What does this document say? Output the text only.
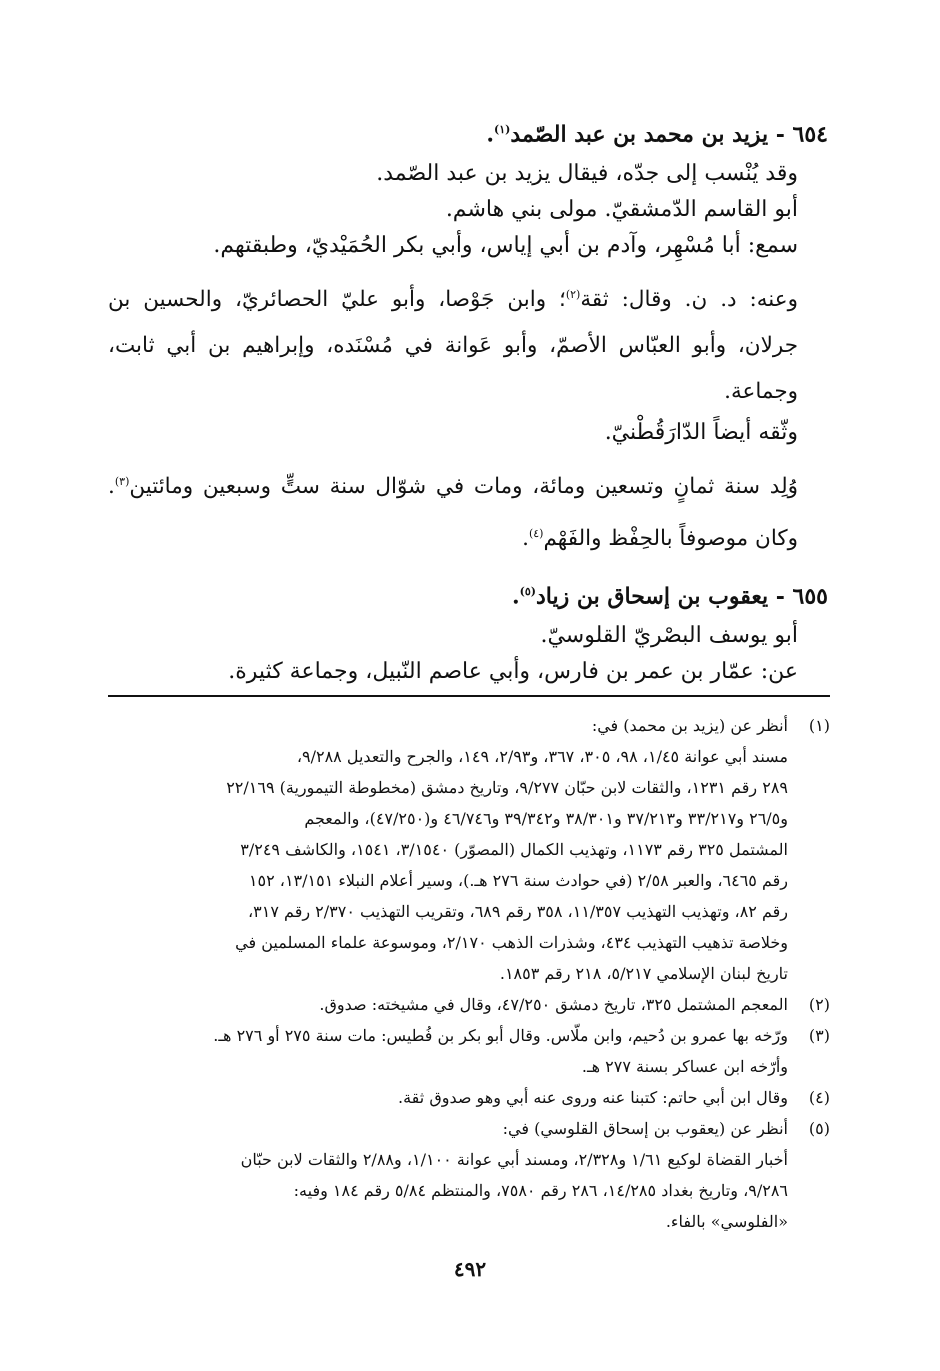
٦٥٤ - يزيد بن محمد بن عبد الصّمد$^{(١)}$.

وقد يُنْسب إلى جدّه، فيقال يزيد بن عبد الصّمد.

أبو القاسم الدّمشقيّ. مولى بني هاشم.

سمع: أبا مُسْهِر، وآدم بن أبي إياس، وأبي بكر الحُمَيْديّ، وطبقتهم.

وعنه: د. ن. وقال: ثقة$^{(٢)}$؛ وابن جَوْصا، وأبو عليّ الحصائريّ، والحسين بن جرلان، وأبو العبّاس الأصمّ، وأبو عَوانة في مُسْنَده، وإبراهيم بن أبي ثابت، وجماعة.

وثّقه أيضاً الدّارَقُطْنيّ.

وُلِد سنة ثمانٍ وتسعين ومائة، ومات في شوّال سنة ستٍّ وسبعين ومائتين$^{(٣)}$. وكان موصوفاً بالحِفْظ والفَهْم$^{(٤)}$.

٦٥٥ - يعقوب بن إسحاق بن زياد$^{(٥)}$.

أبو يوسف البصْريّ القلوسيّ.

عن: عمّار بن عمر بن فارس، وأبي عاصم النّبيل، وجماعة كثيرة.

(١)
أنظر عن (يزيد بن محمد) في:
مسند أبي عوانة ١/٤٥، ٩٨، ٣٠٥، ٣٦٧، و٢/٩٣، ١٤٩، والجرح والتعديل ٩/٢٨٨،
٢٨٩ رقم ١٢٣١، والثقات لابن حبّان ٩/٢٧٧، وتاريخ دمشق (مخطوطة التيمورية) ٢٢/١٦٩
و٢٦/٥ و٣٣/٢١٧ و٣٧/٢١٣ و٣٨/٣٠١ و٣٩/٣٤٢ و٤٦/٧٤٦ و(٤٧/٢٥٠)، والمعجم
المشتمل ٣٢٥ رقم ١١٧٣، وتهذيب الكمال (المصوّر) ٣/١٥٤٠، ١٥٤١، والكاشف ٣/٢٤٩
رقم ٦٤٦٥، والعبر ٢/٥٨ (في حوادث سنة ٢٧٦ هـ.)، وسير أعلام النبلاء ١٣/١٥١، ١٥٢
رقم ٨٢، وتهذيب التهذيب ١١/٣٥٧، ٣٥٨ رقم ٦٨٩، وتقريب التهذيب ٢/٣٧٠ رقم ٣١٧،
وخلاصة تذهيب التهذيب ٤٣٤، وشذرات الذهب ٢/١٧٠، وموسوعة علماء المسلمين في
تاريخ لبنان الإسلامي ٥/٢١٧، ٢١٨ رقم ١٨٥٣.
(٢)
المعجم المشتمل ٣٢٥، تاريخ دمشق ٤٧/٢٥٠، وقال في مشيخته: صدوق.
(٣)
ورّخه بها عمرو بن دُحيم، وابن ملّاس. وقال أبو بكر بن فُطيس: مات سنة ٢٧٥ أو ٢٧٦ هـ.
وأرّخه ابن عساكر بسنة ٢٧٧ هـ.
(٤)
وقال ابن أبي حاتم: كتبنا عنه وروى عنه أبي وهو صدوق ثقة.
(٥)
أنظر عن (يعقوب بن إسحاق القلوسي) في:
أخبار القضاة لوكيع ١/٦١ و٢/٣٢٨، ومسند أبي عوانة ١/١٠٠، و٢/٨٨ والثقات لابن حبّان
٩/٢٨٦، وتاريخ بغداد ١٤/٢٨٥، ٢٨٦ رقم ٧٥٨٠، والمنتظم ٥/٨٤ رقم ١٨٤ وفيه:
«الفلوسي» بالفاء.
٤٩٢
